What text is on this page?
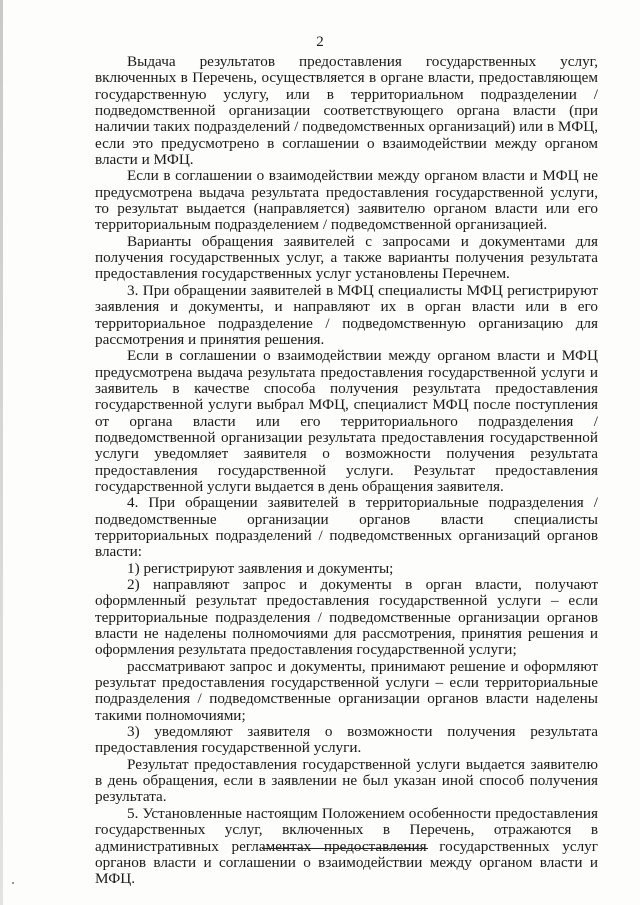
2

Выдача результатов предоставления государственных услуг, включенных в Перечень, осуществляется в органе власти, предоставляющем государственную услугу, или в территориальном подразделении / подведомственной организации соответствующего органа власти (при наличии таких подразделений / подведомственных организаций) или в МФЦ, если это предусмотрено в соглашении о взаимодействии между органом власти и МФЦ.

Если в соглашении о взаимодействии между органом власти и МФЦ не предусмотрена выдача результата предоставления государственной услуги, то результат выдается (направляется) заявителю органом власти или его территориальным подразделением / подведомственной организацией.

Варианты обращения заявителей с запросами и документами для получения государственных услуг, а также варианты получения результата предоставления государственных услуг установлены Перечнем.

3. При обращении заявителей в МФЦ специалисты МФЦ регистрируют заявления и документы, и направляют их в орган власти или в его территориальное подразделение / подведомственную организацию для рассмотрения и принятия решения.

Если в соглашении о взаимодействии между органом власти и МФЦ предусмотрена выдача результата предоставления государственной услуги и заявитель в качестве способа получения результата предоставления государственной услуги выбрал МФЦ, специалист МФЦ после поступления от органа власти или его территориального подразделения / подведомственной организации результата предоставления государственной услуги уведомляет заявителя о возможности получения результата предоставления государственной услуги. Результат предоставления государственной услуги выдается в день обращения заявителя.

4. При обращении заявителей в территориальные подразделения / подведомственные организации органов власти специалисты территориальных подразделений / подведомственных организаций органов власти:

1) регистрируют заявления и документы;

2) направляют запрос и документы в орган власти, получают оформленный результат предоставления государственной услуги – если территориальные подразделения / подведомственные организации органов власти не наделены полномочиями для рассмотрения, принятия решения и оформления результата предоставления государственной услуги;

рассматривают запрос и документы, принимают решение и оформляют результат предоставления государственной услуги – если территориальные подразделения / подведомственные организации органов власти наделены такими полномочиями;

3) уведомляют заявителя о возможности получения результата предоставления государственной услуги.

Результат предоставления государственной услуги выдается заявителю в день обращения, если в заявлении не был указан иной способ получения результата.

5. Установленные настоящим Положением особенности предоставления государственных услуг, включенных в Перечень, отражаются в административных регламентах предоставления государственных услуг органов власти и соглашении о взаимодействии между органом власти и МФЦ.
